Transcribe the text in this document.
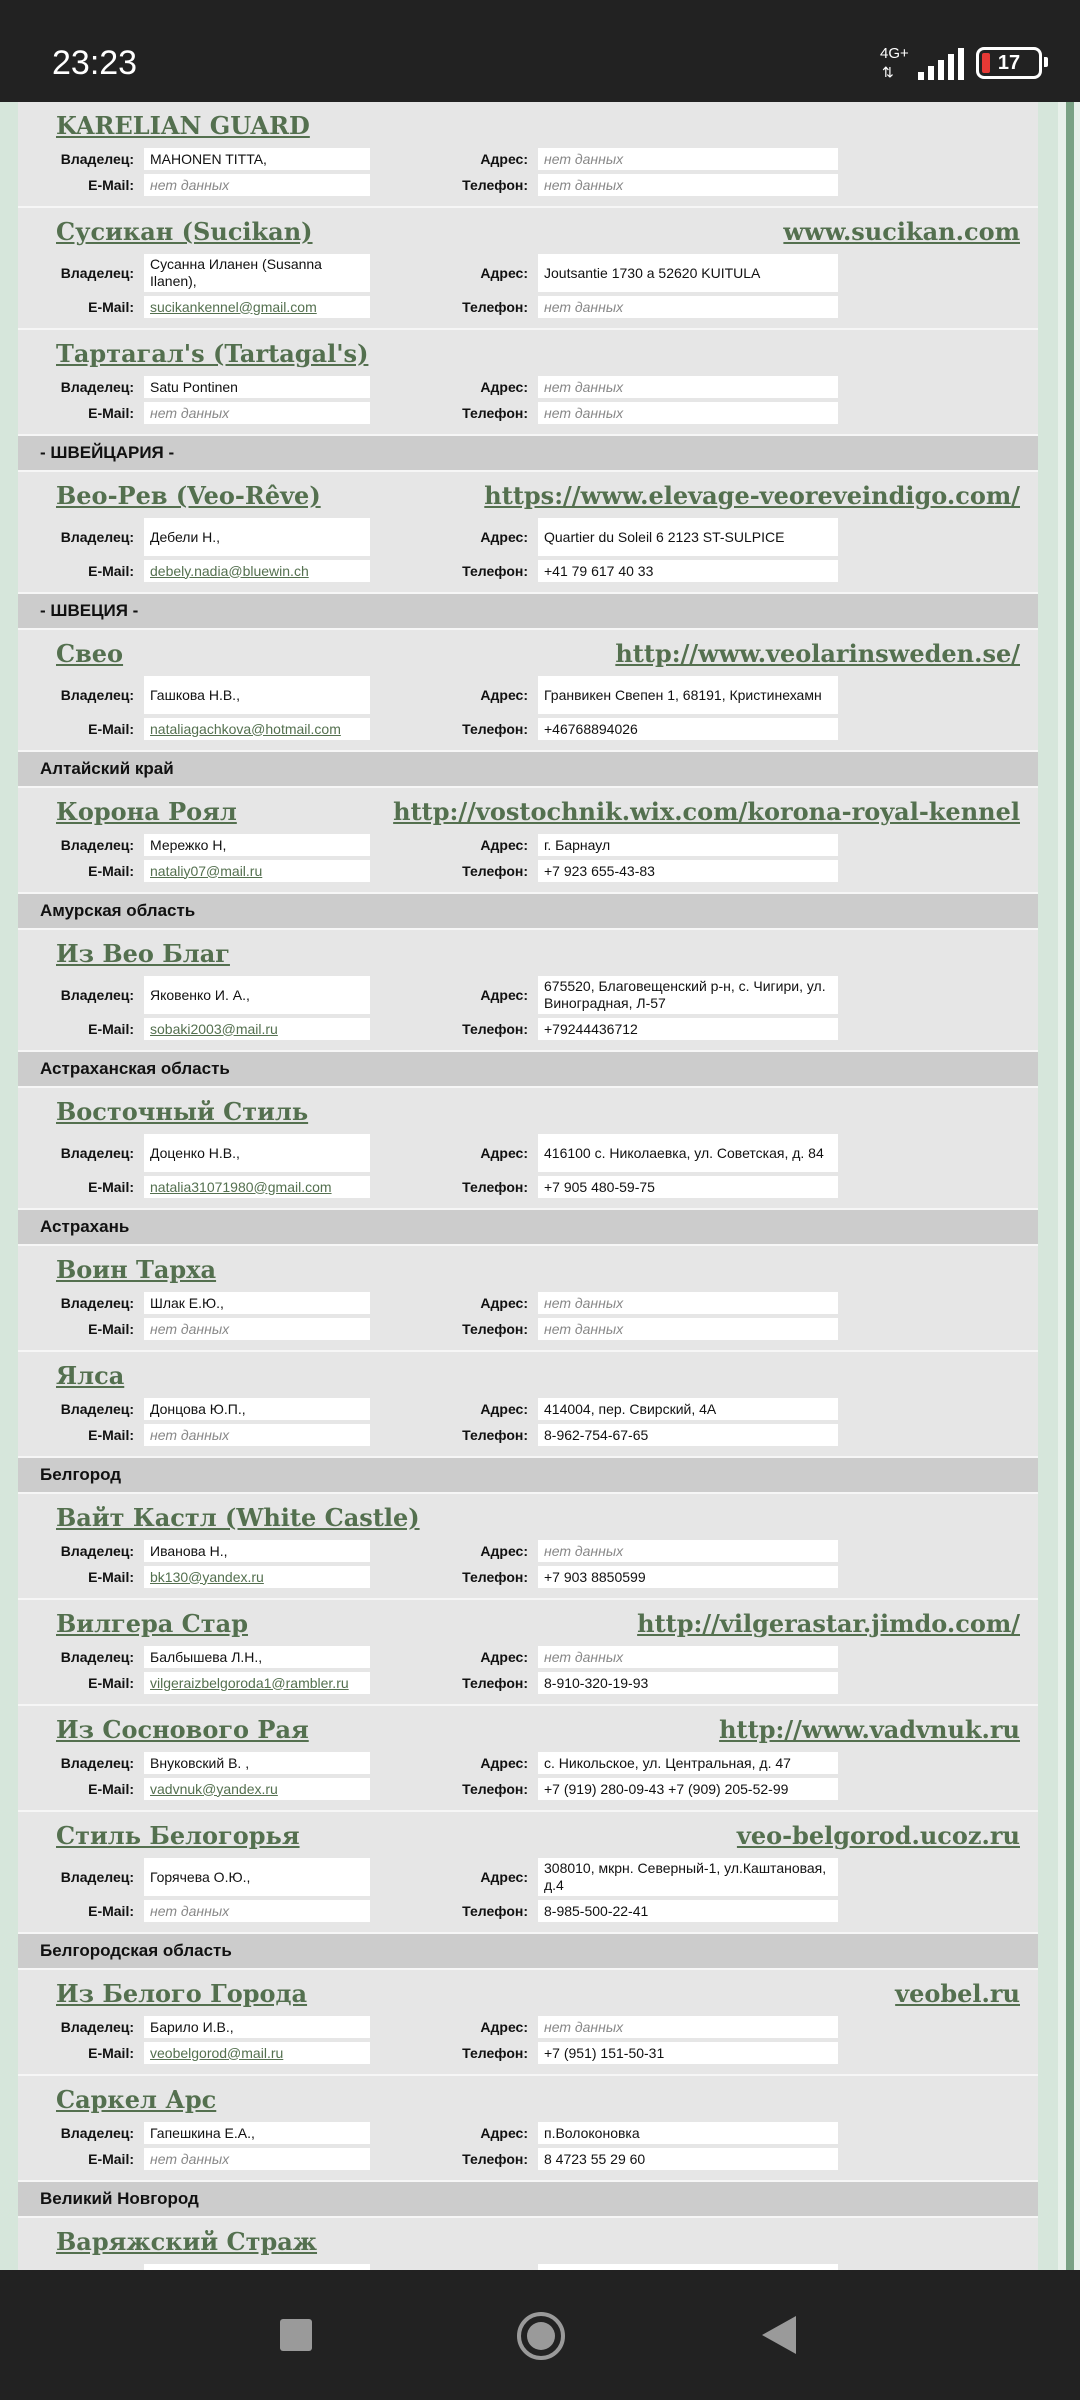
23:23	4G+
⇅	17
KARELIAN GUARD
Владелец:	MAHONEN TITTA,	Адрес:	нет данных
E-Mail:	нет данных	Телефон:	нет данных
Сусикан (Sucikan)	www.sucikan.com
Владелец:
Сусанна Иланен (Susanna Ilanen),	Адрес:	Joutsantie 1730 a 52620 KUITULA
E-Mail:	sucikankennel@gmail.com	Телефон:	нет данных
Тартагал's (Tartagal's)
Владелец:	Satu Pontinen	Адрес:	нет данных
E-Mail:	нет данных	Телефон:	нет данных
- ШВЕЙЦАРИЯ -
Вео-Рев (Veo-Rêve)	https://www.elevage-veoreveindigo.com/
Владелец:	Дебели Н.,	Адрес:	Quartier du Soleil 6 2123 ST-SULPICE
E-Mail:	debely.nadia@bluewin.ch	Телефон:	+41 79 617 40 33
- ШВЕЦИЯ -
Свео	http://www.veolarinsweden.se/
Владелец:	Гашкова Н.В.,	Адрес:	Гранвикен Свепен 1, 68191, Кристинехамн
E-Mail:	nataliagachkova@hotmail.com	Телефон:	+46768894026
Алтайский край
Корона Роял	http://vostochnik.wix.com/korona-royal-kennel
Владелец:	Мережко Н,	Адрес:	г. Барнаул
E-Mail:	nataliy07@mail.ru	Телефон:	+7 923 655-43-83
Амурская область
Из Вео Благ
Владелец:	Яковенко И. А.,	Адрес:
675520, Благовещенский р-н, с. Чигири, ул. Виноградная, Л-57
E-Mail:	sobaki2003@mail.ru	Телефон:	+79244436712
Астраханская область
Восточный Стиль
Владелец:	Доценко Н.В.,	Адрес:	416100 с. Николаевка, ул. Советская, д. 84
E-Mail:	natalia31071980@gmail.com	Телефон:	+7 905 480-59-75
Астрахань
Воин Тарха
Владелец:	Шлак Е.Ю.,	Адрес:	нет данных
E-Mail:	нет данных	Телефон:	нет данных
Ялса
Владелец:	Донцова Ю.П.,	Адрес:	414004, пер. Свирский, 4А
E-Mail:	нет данных	Телефон:	8-962-754-67-65
Белгород
Вайт Кастл (White Castle)
Владелец:	Иванова Н.,	Адрес:	нет данных
E-Mail:	bk130@yandex.ru	Телефон:	+7 903 8850599
Вилгера Стар	http://vilgerastar.jimdo.com/
Владелец:	Балбышева Л.Н.,	Адрес:	нет данных
E-Mail:	vilgeraizbelgoroda1@rambler.ru	Телефон:	8-910-320-19-93
Из Соснового Рая	http://www.vadvnuk.ru
Владелец:	Внуковский В. ,	Адрес:	с. Никольское, ул. Центральная, д. 47
E-Mail:	vadvnuk@yandex.ru	Телефон:	+7 (919) 280-09-43 +7 (909) 205-52-99
Стиль Белогорья	veo-belgorod.ucoz.ru
Владелец:	Горячева О.Ю.,	Адрес:
308010, мкрн. Северный-1, ул.Каштановая, д.4
E-Mail:	нет данных	Телефон:	8-985-500-22-41
Белгородская область
Из Белого Города	veobel.ru
Владелец:	Барило И.В.,	Адрес:	нет данных
E-Mail:	veobelgorod@mail.ru	Телефон:	+7 (951) 151-50-31
Саркел Арс
Владелец:	Гапешкина Е.А.,	Адрес:	п.Волоконовка
E-Mail:	нет данных	Телефон:	8 4723 55 29 60
Великий Новгород
Варяжский Страж
